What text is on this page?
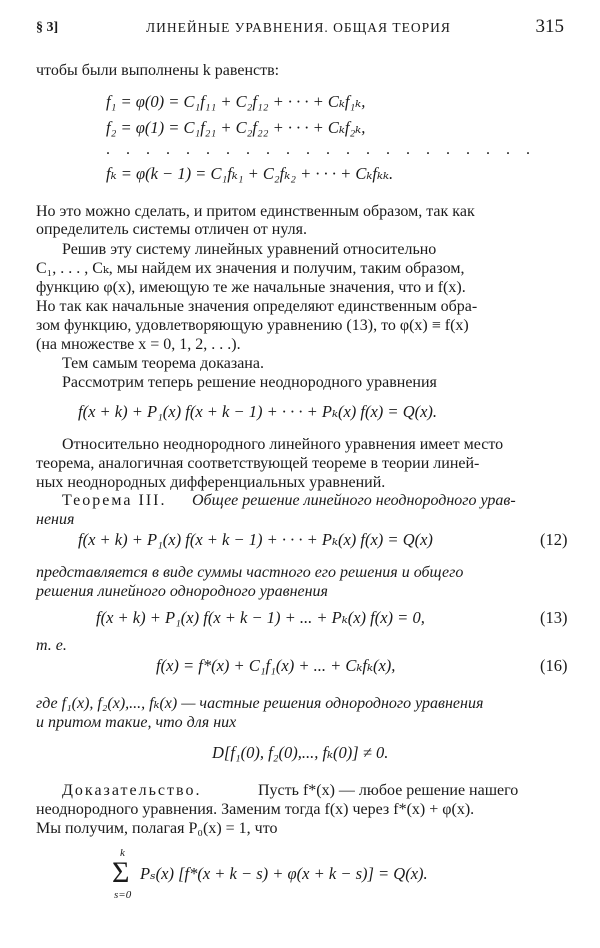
§ 3]	ЛИНЕЙНЫЕ УРАВНЕНИЯ. ОБЩАЯ ТЕОРИЯ	315
чтобы были выполнены k равенств:
f₁ = φ(0) = C₁f₁₁ + C₂f₁₂ + · · · + Cₖf₁ₖ,
f₂ = φ(1) = C₁f₂₁ + C₂f₂₂ + · · · + Cₖf₂ₖ,
. . . . . . . . . . . . . . . . . . . . . .
fₖ = φ(k − 1) = C₁fₖ₁ + C₂fₖ₂ + · · · + Cₖfₖₖ.
Но это можно сделать, и притом единственным образом, так как
определитель системы отличен от нуля.
Решив эту систему линейных уравнений относительно
C₁, . . . , Cₖ, мы найдем их значения и получим, таким образом,
функцию φ(x), имеющую те же начальные значения, что и f(x).
Но так как начальные значения определяют единственным обра-
зом функцию, удовлетворяющую уравнению (13), то φ(x) ≡ f(x)
(на множестве x = 0, 1, 2, . . .).
Тем самым теорема доказана.
Рассмотрим теперь решение неоднородного уравнения
f(x + k) + P₁(x) f(x + k − 1) + · · · + Pₖ(x) f(x) = Q(x).
Относительно неоднородного линейного уравнения имеет место
теорема, аналогичная соответствующей теореме в теории линей-
ных неоднородных дифференциальных уравнений.
Теорема III. Общее решение линейного неоднородного урав-
нения
f(x + k) + P₁(x) f(x + k − 1) + · · · + Pₖ(x) f(x) = Q(x)	(12)
представляется в виде суммы частного его решения и общего
решения линейного однородного уравнения
f(x + k) + P₁(x) f(x + k − 1) + ... + Pₖ(x) f(x) = 0,	(13)
т. е.
f(x) = f*(x) + C₁f₁(x) + ... + Cₖfₖ(x),	(16)
где f₁(x), f₂(x),..., fₖ(x) — частные решения однородного уравнения
и притом такие, что для них
D[f₁(0), f₂(0),..., fₖ(0)] ≠ 0.
Доказательство.	Пусть f*(x) — любое решение нашего
неоднородного уравнения. Заменим тогда f(x) через f*(x) + φ(x).
Мы получим, полагая P₀(x) = 1, что
k
Σ
s=0
Pₛ(x) [f*(x + k − s) + φ(x + k − s)] = Q(x).
